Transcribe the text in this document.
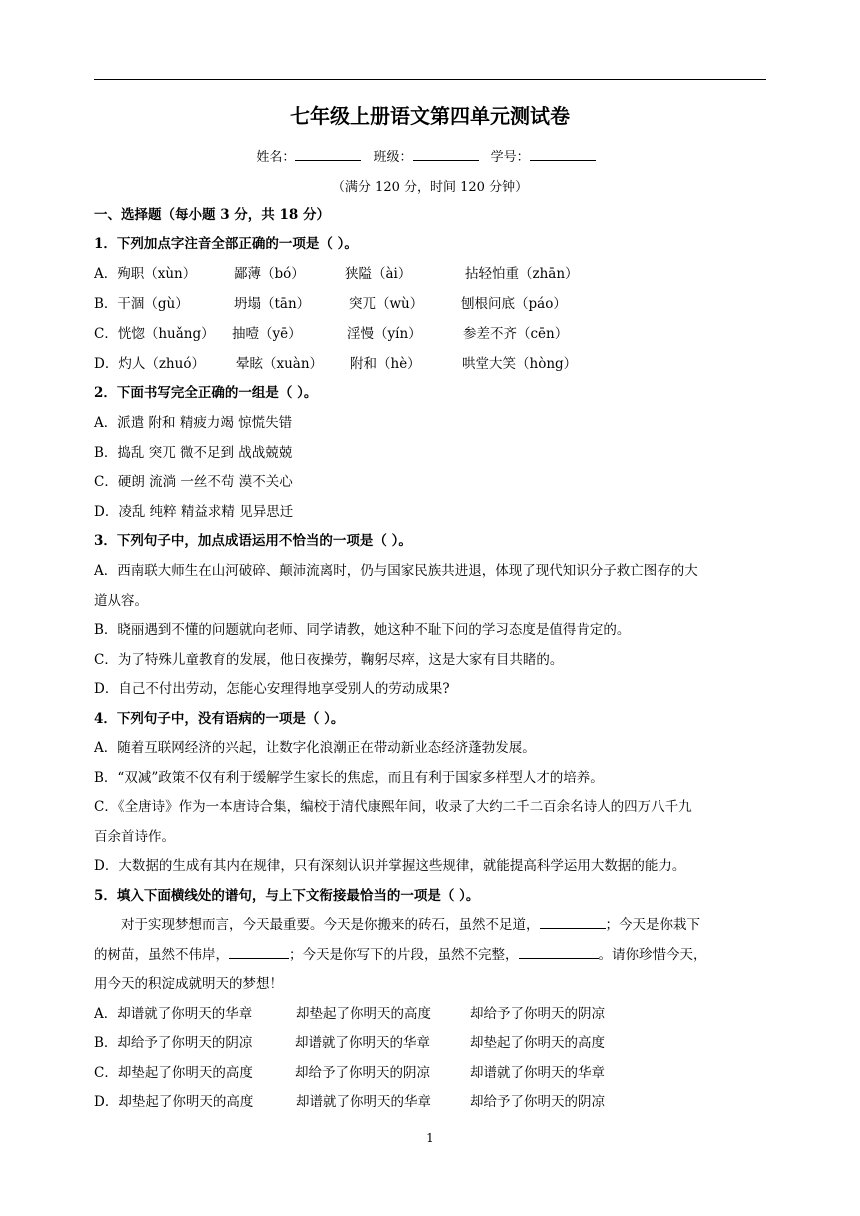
七年级上册语文第四单元测试卷
姓名：	班级：	学号：
（满分 120 分，时间 120 分钟）
一、选择题（每小题 3 分，共 18 分）
1．下列加点字注音全部正确的一项是（ ）。
A．殉职（xùn）	鄙薄（bó）	狭隘（ài）	拈轻怕重（zhān）
B．干涸（gù）	坍塌（tān）	突兀（wù）	刨根问底（páo）
C．恍惚（huǎng）	抽噎（yē）	淫慢（yín）	参差不齐（cēn）
D．灼人（zhuó）	晕眩（xuàn）	附和（hè）	哄堂大笑（hòng）
2．下面书写完全正确的一组是（ ）。
A．派遣 附和 精疲力竭 惊慌失错
B．捣乱 突兀 微不足到 战战兢兢
C．硬朗 流淌 一丝不茍 漠不关心
D．凌乱 纯粹 精益求精 见异思迁
3．下列句子中，加点成语运用不恰当的一项是（ ）。
A．西南联大师生在山河破碎、颠沛流离时，仍与国家民族共进退，体现了现代知识分子救亡图存的大
道从容。
B．晓丽遇到不懂的问题就向老师、同学请教，她这种不耻下问的学习态度是值得肯定的。
C．为了特殊儿童教育的发展，他日夜操劳，鞠躬尽瘁，这是大家有目共睹的。
D．自己不付出劳动，怎能心安理得地享受别人的劳动成果?
4．下列句子中，没有语病的一项是（ ）。
A．随着互联网经济的兴起，让数字化浪潮正在带动新业态经济蓬勃发展。
B．“双减”政策不仅有利于缓解学生家长的焦虑，而且有利于国家多样型人才的培养。
C．《全唐诗》作为一本唐诗合集，编校于清代康熙年间，收录了大约二千二百余名诗人的四万八千九
百余首诗作。
D．大数据的生成有其内在规律，只有深刻认识并掌握这些规律，就能提高科学运用大数据的能力。
5．填入下面横线处的谱句，与上下文衔接最恰当的一项是（ ）。
对于实现梦想而言，今天最重要。今天是你搬来的砖石，虽然不足道，	；今天是你栽下
的树苗，虽然不伟岸，	；今天是你写下的片段，虽然不完整，	。请你珍惜今天，
用今天的积淀成就明天的梦想！
A．却谱就了你明天的华章	却垫起了你明天的高度	却给予了你明天的阴凉
B．却给予了你明天的阴凉	却谱就了你明天的华章	却垫起了你明天的高度
C．却垫起了你明天的高度	却给予了你明天的阴凉	却谱就了你明天的华章
D．却垫起了你明天的高度	却谱就了你明天的华章	却给予了你明天的阴凉
1
